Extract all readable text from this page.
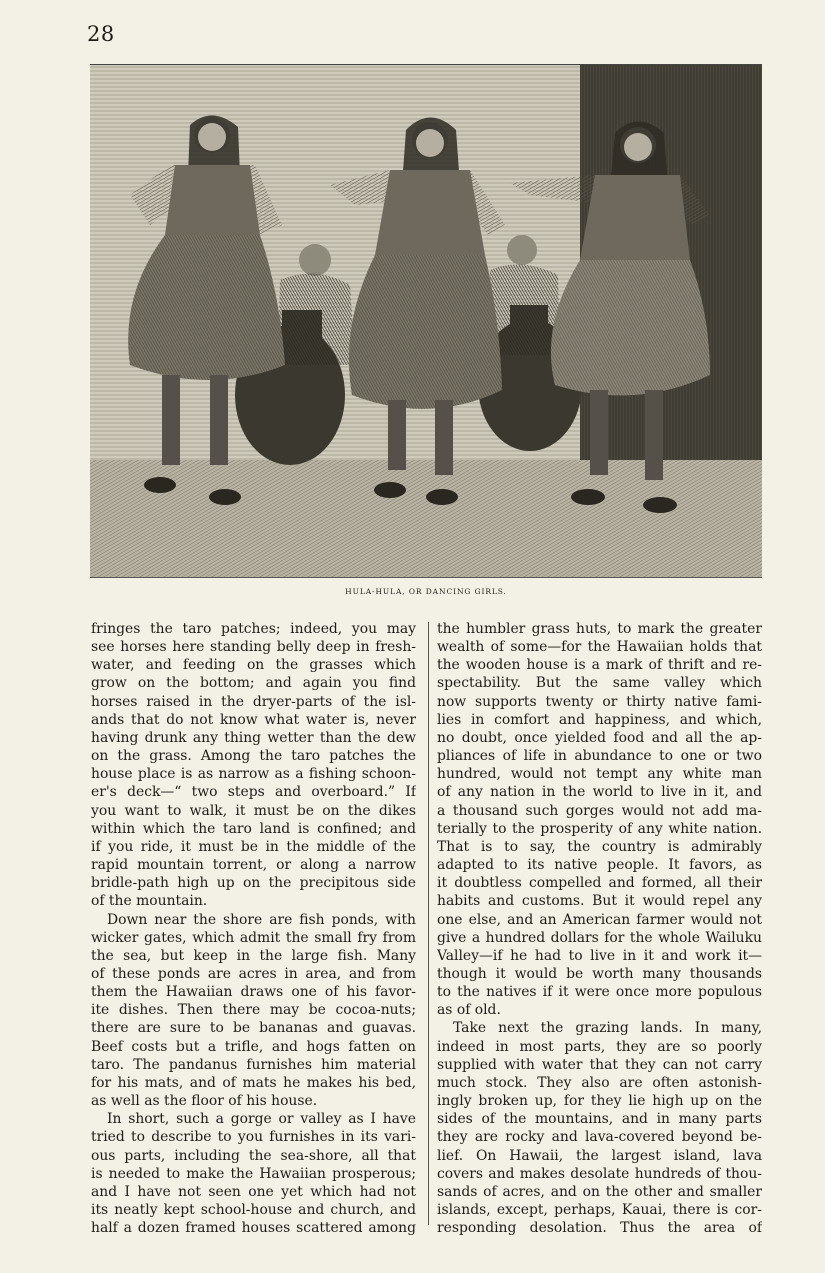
28
HULA-HULA, OR DANCING GIRLS.
fringes the taro patches; indeed, you may
see horses here standing belly deep in fresh-
water, and feeding on the grasses which
grow on the bottom; and again you find
horses raised in the dryer-parts of the isl-
ands that do not know what water is, never
having drunk any thing wetter than the dew
on the grass. Among the taro patches the
house place is as narrow as a fishing schoon-
er's deck—“ two steps and overboard.” If
you want to walk, it must be on the dikes
within which the taro land is confined; and
if you ride, it must be in the middle of the
rapid mountain torrent, or along a narrow
bridle-path high up on the precipitous side
of the mountain.
Down near the shore are fish ponds, with
wicker gates, which admit the small fry from
the sea, but keep in the large fish. Many
of these ponds are acres in area, and from
them the Hawaiian draws one of his favor-
ite dishes. Then there may be cocoa-nuts;
there are sure to be bananas and guavas.
Beef costs but a trifle, and hogs fatten on
taro. The pandanus furnishes him material
for his mats, and of mats he makes his bed,
as well as the floor of his house.
In short, such a gorge or valley as I have
tried to describe to you furnishes in its vari-
ous parts, including the sea-shore, all that
is needed to make the Hawaiian prosperous;
and I have not seen one yet which had not
its neatly kept school-house and church, and
half a dozen framed houses scattered among
the humbler grass huts, to mark the greater
wealth of some—for the Hawaiian holds that
the wooden house is a mark of thrift and re-
spectability. But the same valley which
now supports twenty or thirty native fami-
lies in comfort and happiness, and which,
no doubt, once yielded food and all the ap-
pliances of life in abundance to one or two
hundred, would not tempt any white man
of any nation in the world to live in it, and
a thousand such gorges would not add ma-
terially to the prosperity of any white nation.
That is to say, the country is admirably
adapted to its native people. It favors, as
it doubtless compelled and formed, all their
habits and customs. But it would repel any
one else, and an American farmer would not
give a hundred dollars for the whole Wailuku
Valley—if he had to live in it and work it—
though it would be worth many thousands
to the natives if it were once more populous
as of old.
Take next the grazing lands. In many,
indeed in most parts, they are so poorly
supplied with water that they can not carry
much stock. They also are often astonish-
ingly broken up, for they lie high up on the
sides of the mountains, and in many parts
they are rocky and lava-covered beyond be-
lief. On Hawaii, the largest island, lava
covers and makes desolate hundreds of thou-
sands of acres, and on the other and smaller
islands, except, perhaps, Kauai, there is cor-
responding desolation. Thus the area of
